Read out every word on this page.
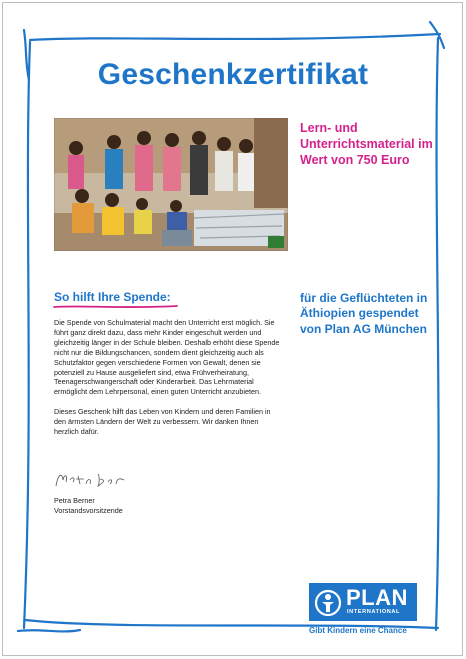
Geschenkzertifikat
Lern- und Unterrichtsmaterial im Wert von 750 Euro
So hilft Ihre Spende:

Die Spende von Schulmaterial macht den Unterricht erst möglich. Sie führt ganz direkt dazu, dass mehr Kinder eingeschult werden und gleichzeitig länger in der Schule bleiben. Deshalb erhöht diese Spende nicht nur die Bildungschancen, sondern dient gleichzeitig auch als Schutzfaktor gegen verschiedene Formen von Gewalt, denen sie potenziell zu Hause ausgeliefert sind, etwa Frühverheiratung, Teenagerschwangerschaft oder Kinderarbeit. Das Lehrmaterial ermöglicht dem Lehrpersonal, einen guten Unterricht anzubieten.

Dieses Geschenk hilft das Leben von Kindern und deren Familien in den ärmsten Ländern der Welt zu verbessern. Wir danken Ihnen herzlich dafür.

für die Geflüchteten in Äthiopien gespendet von Plan AG München
Petra Berner
Vorstandsvorsitzende
PLAN
INTERNATIONAL
Gibt Kindern eine Chance
